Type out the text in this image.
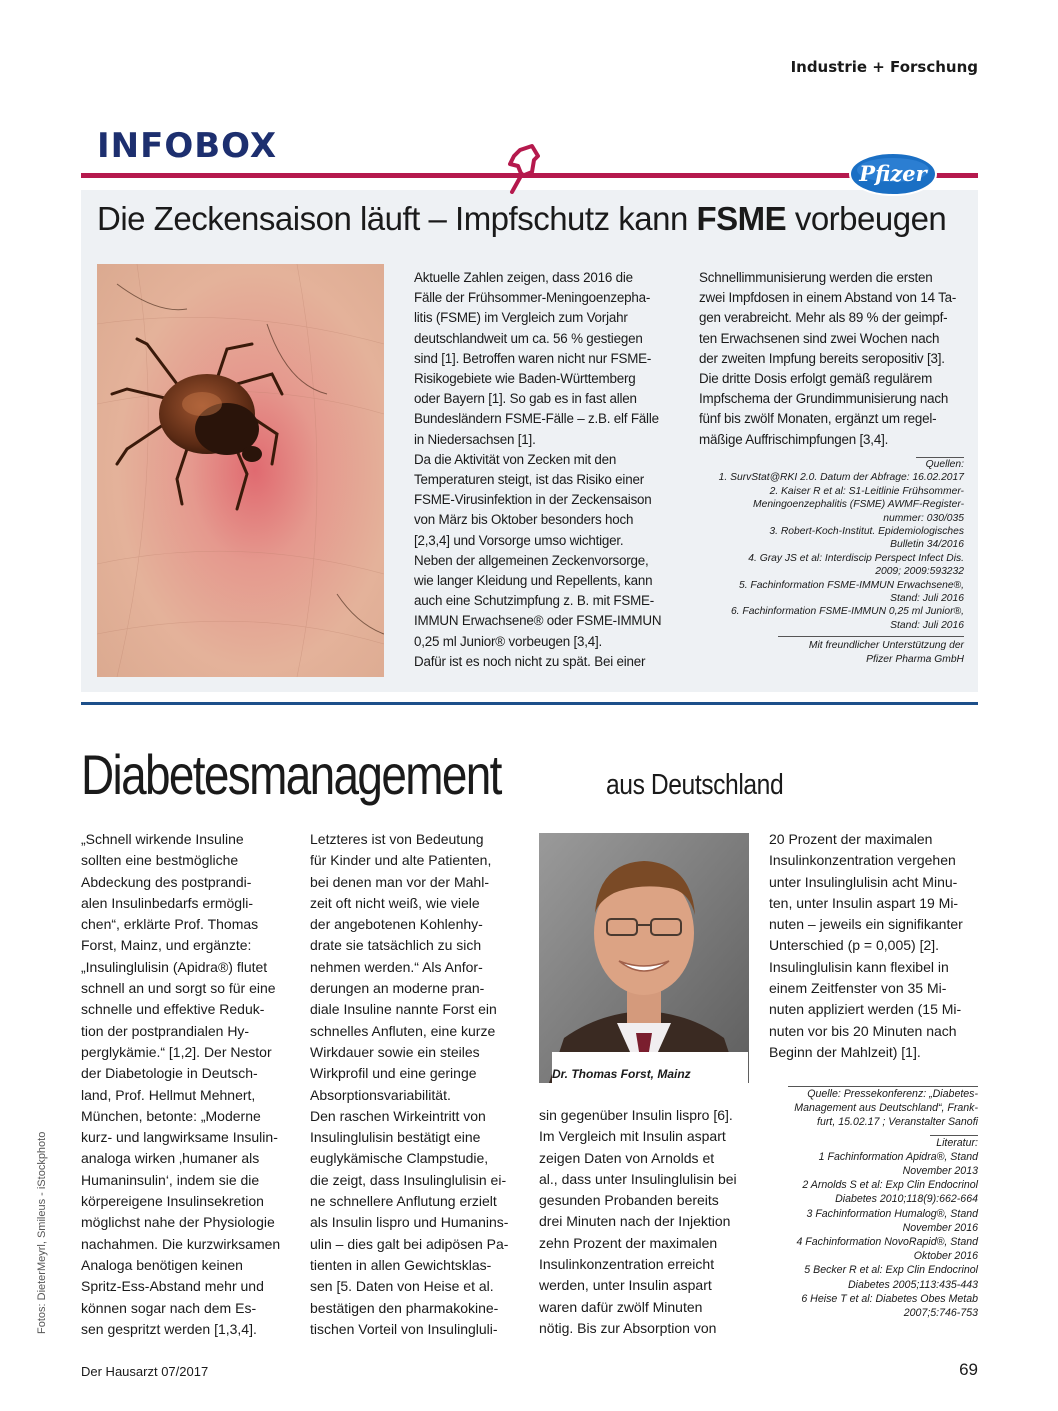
Industrie + Forschung
INFOBOX
Pfizer
Die Zeckensaison läuft – Impfschutz kann FSME vorbeugen

Aktuelle Zahlen zeigen, dass 2016 die

Fälle der Frühsommer-Meningoenzepha-

litis (FSME) im Vergleich zum Vorjahr

deutschlandweit um ca. 56 % gestiegen

sind [1]. Betroffen waren nicht nur FSME-

Risikogebiete wie Baden-Württemberg

oder Bayern [1]. So gab es in fast allen

Bundesländern FSME-Fälle – z.B. elf Fälle

in Niedersachsen [1].

Da die Aktivität von Zecken mit den

Temperaturen steigt, ist das Risiko einer

FSME-Virusinfektion in der Zeckensaison

von März bis Oktober besonders hoch

[2,3,4] und Vorsorge umso wichtiger.

Neben der allgemeinen Zeckenvorsorge,

wie langer Kleidung und Repellents, kann

auch eine Schutzimpfung z. B. mit FSME-

IMMUN Erwachsene® oder FSME-IMMUN

0,25 ml Junior® vorbeugen [3,4].

Dafür ist es noch nicht zu spät. Bei einer

Schnellimmunisierung werden die ersten

zwei Impfdosen in einem Abstand von 14 Ta-

gen verabreicht. Mehr als 89 % der geimpf-

ten Erwachsenen sind zwei Wochen nach

der zweiten Impfung bereits seropositiv [3].

Die dritte Dosis erfolgt gemäß regulärem

Impfschema der Grundimmunisierung nach

fünf bis zwölf Monaten, ergänzt um regel-

mäßige Auffrischimpfungen [3,4].

Quellen:

1. SurvStat@RKI 2.0. Datum der Abfrage: 16.02.2017

2. Kaiser R et al: S1-Leitlinie Frühsommer-

Meningoenzephalitis (FSME) AWMF-Register-

nummer: 030/035

3. Robert-Koch-Institut. Epidemiologisches

Bulletin 34/2016

4. Gray JS et al: Interdiscip Perspect Infect Dis.

2009; 2009:593232

5. Fachinformation FSME-IMMUN Erwachsene®,

Stand: Juli 2016

6. Fachinformation FSME-IMMUN 0,25 ml Junior®,

Stand: Juli 2016

Mit freundlicher Unterstützung der

Pfizer Pharma GmbH

Diabetesmanagement	aus Deutschland

„Schnell wirkende Insuline

sollten eine bestmögliche

Abdeckung des postprandi-

alen Insulinbedarfs ermögli-

chen“, erklärte Prof. Thomas

Forst, Mainz, und ergänzte:

„Insulinglulisin (Apidra®) flutet

schnell an und sorgt so für eine

schnelle und effektive Reduk-

tion der postprandialen Hy-

perglykämie.“ [1,2]. Der Nestor

der Diabetologie in Deutsch-

land, Prof. Hellmut Mehnert,

München, betonte: „Moderne

kurz- und langwirksame Insulin-

analoga wirken ‚humaner als

Humaninsulin‘, indem sie die

körpereigene Insulinsekretion

möglichst nahe der Physiologie

nachahmen. Die kurzwirksamen

Analoga benötigen keinen

Spritz-Ess-Abstand mehr und

können sogar nach dem Es-

sen gespritzt werden [1,3,4].

Letzteres ist von Bedeutung

für Kinder und alte Patienten,

bei denen man vor der Mahl-

zeit oft nicht weiß, wie viele

der angebotenen Kohlenhy-

drate sie tatsächlich zu sich

nehmen werden.“ Als Anfor-

derungen an moderne pran-

diale Insuline nannte Forst ein

schnelles Anfluten, eine kurze

Wirkdauer sowie ein steiles

Wirkprofil und eine geringe

Absorptionsvariabilität.

Den raschen Wirkeintritt von

Insulinglulisin bestätigt eine

euglykämische Clampstudie,

die zeigt, dass Insulinglulisin ei-

ne schnellere Anflutung erzielt

als Insulin lispro und Humanins-

ulin – dies galt bei adipösen Pa-

tienten in allen Gewichtsklas-

sen [5. Daten von Heise et al.

bestätigen den pharmakokine-

tischen Vorteil von Insulingluli-

Dr. Thomas Forst, Mainz

sin gegenüber Insulin lispro [6].

Im Vergleich mit Insulin aspart

zeigen Daten von Arnolds et

al., dass unter Insulinglulisin bei

gesunden Probanden bereits

drei Minuten nach der Injektion

zehn Prozent der maximalen

Insulinkonzentration erreicht

werden, unter Insulin aspart

waren dafür zwölf Minuten

nötig. Bis zur Absorption von

20 Prozent der maximalen

Insulinkonzentration vergehen

unter Insulinglulisin acht Minu-

ten, unter Insulin aspart 19 Mi-

nuten – jeweils ein signifikanter

Unterschied (p = 0,005) [2].

Insulinglulisin kann flexibel in

einem Zeitfenster von 35 Mi-

nuten appliziert werden (15 Mi-

nuten vor bis 20 Minuten nach

Beginn der Mahlzeit) [1].

Quelle: Pressekonferenz: „Diabetes-

Management aus Deutschland“, Frank-

furt, 15.02.17 ; Veranstalter Sanofi

Literatur:

1 Fachinformation Apidra®, Stand

November 2013

2 Arnolds S et al: Exp Clin Endocrinol

Diabetes 2010;118(9):662-664

3 Fachinformation Humalog®, Stand

November 2016

4 Fachinformation NovoRapid®, Stand

Oktober 2016

5 Becker R et al: Exp Clin Endocrinol

Diabetes 2005;113:435-443

6 Heise T et al: Diabetes Obes Metab

2007;5:746-753

Fotos: DieterMeyrl, Smileus - iStockphoto
Der Hausarzt 07/2017	69
